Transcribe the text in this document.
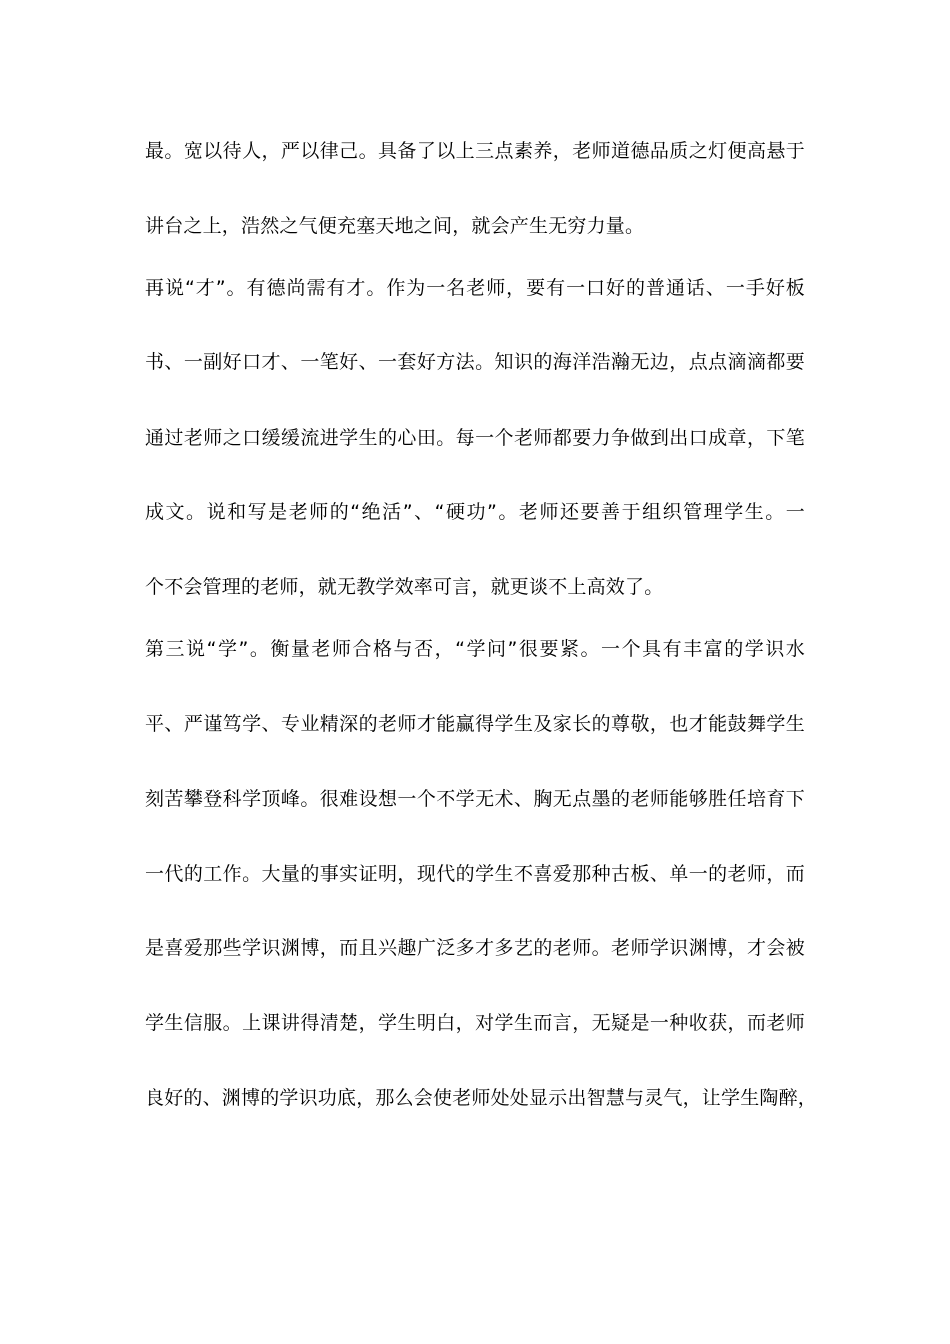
最。宽以待人，严以律己。具备了以上三点素养，老师道德品质之灯便高悬于
讲台之上，浩然之气便充塞天地之间，就会产生无穷力量。
再说“才”。有德尚需有才。作为一名老师，要有一口好的普通话、一手好板
书、一副好口才、一笔好、一套好方法。知识的海洋浩瀚无边，点点滴滴都要
通过老师之口缓缓流进学生的心田。每一个老师都要力争做到出口成章，下笔
成文。说和写是老师的“绝活”、“硬功”。老师还要善于组织管理学生。一
个不会管理的老师，就无教学效率可言，就更谈不上高效了。
第三说“学”。衡量老师合格与否，“学问”很要紧。一个具有丰富的学识水
平、严谨笃学、专业精深的老师才能赢得学生及家长的尊敬，也才能鼓舞学生
刻苦攀登科学顶峰。很难设想一个不学无术、胸无点墨的老师能够胜任培育下
一代的工作。大量的事实证明，现代的学生不喜爱那种古板、单一的老师，而
是喜爱那些学识渊博，而且兴趣广泛多才多艺的老师。老师学识渊博，才会被
学生信服。上课讲得清楚，学生明白，对学生而言，无疑是一种收获，而老师
良好的、渊博的学识功底，那么会使老师处处显示出智慧与灵气，让学生陶醉，
